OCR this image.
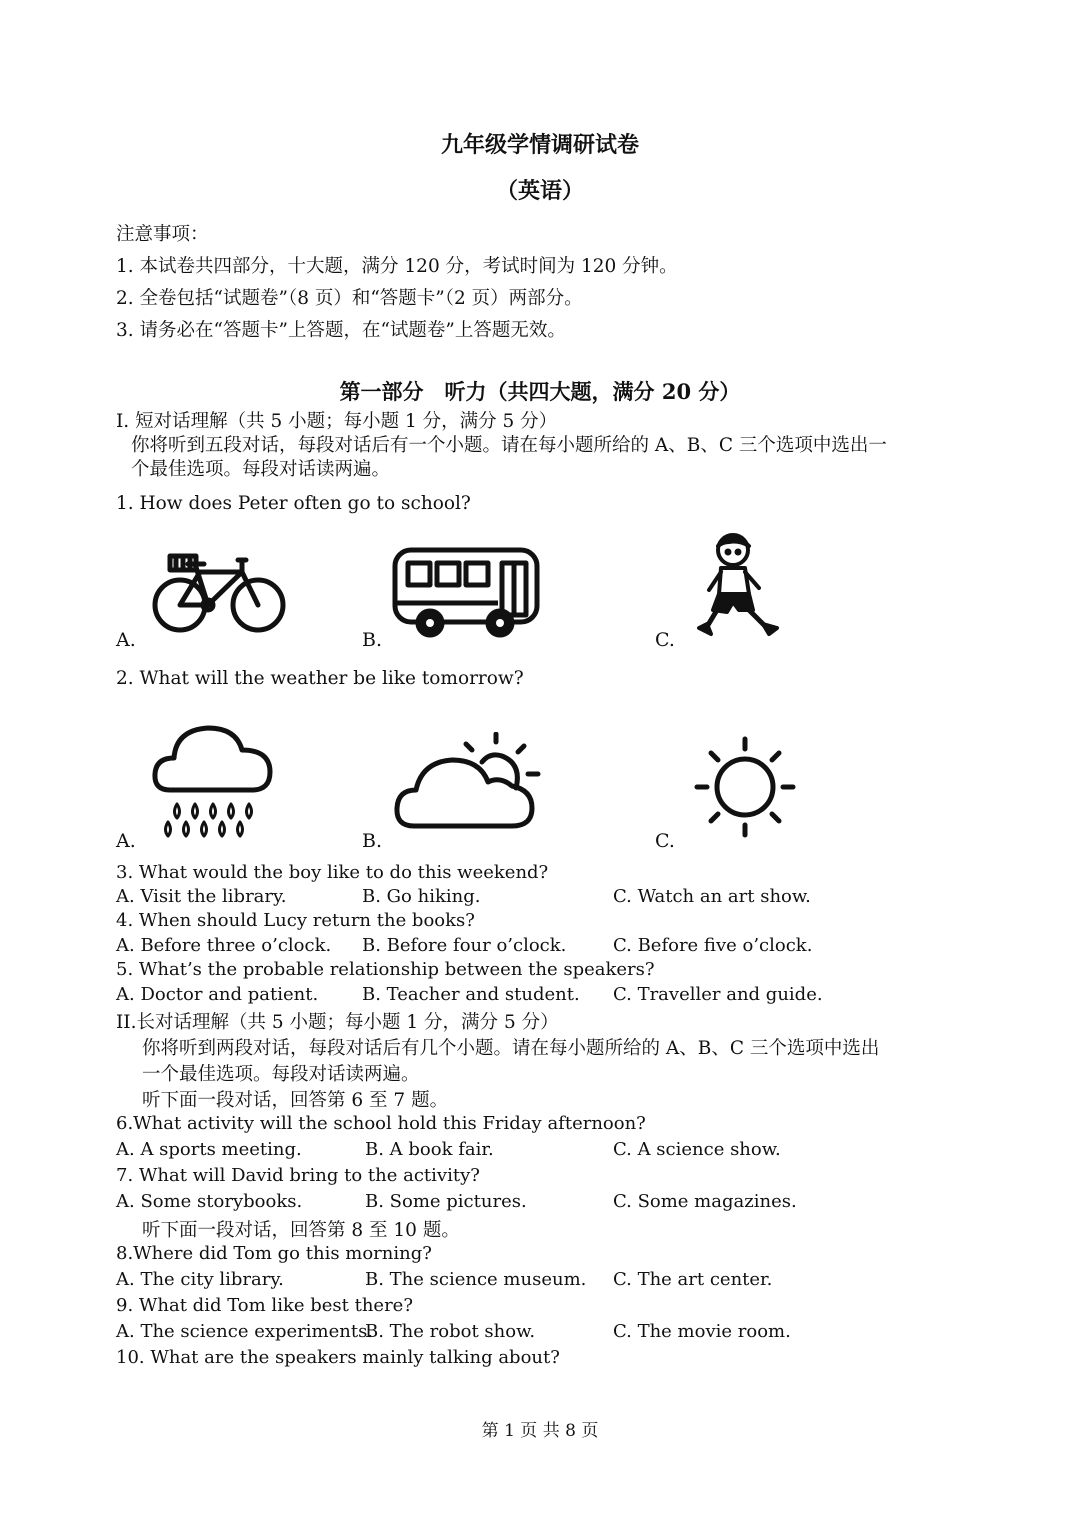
九年级学情调研试卷
（英语）
注意事项：
1. 本试卷共四部分，十大题，满分 120 分，考试时间为 120 分钟。
2. 全卷包括“试题卷”（8 页）和“答题卡”（2 页）两部分。
3. 请务必在“答题卡”上答题，在“试题卷”上答题无效。
第一部分　听力（共四大题，满分 20 分）
I. 短对话理解（共 5 小题；每小题 1 分，满分 5 分）
你将听到五段对话，每段对话后有一个小题。请在每小题所给的 A、B、C 三个选项中选出一
个最佳选项。每段对话读两遍。
1. How does Peter often go to school?
A.	B.	C.
2. What will the weather be like tomorrow?
A.	B.	C.
3. What would the boy like to do this weekend?
A. Visit the library.	B. Go hiking.	C. Watch an art show.
4. When should Lucy return the books?
A. Before three o’clock. B. Before four o’clock.	C. Before five o’clock.
5. What’s the probable relationship between the speakers?
A. Doctor and patient. B. Teacher and student. C. Traveller and guide.
II.长对话理解（共 5 小题；每小题 1 分，满分 5 分）
你将听到两段对话，每段对话后有几个小题。请在每小题所给的 A、B、C 三个选项中选出
一个最佳选项。每段对话读两遍。
听下面一段对话，回答第 6 至 7 题。
6.What activity will the school hold this Friday afternoon?
A. A sports meeting.	B. A book fair.	C. A science show.
7. What will David bring to the activity?
A. Some storybooks.	B. Some pictures.	C. Some magazines.
听下面一段对话，回答第 8 至 10 题。
8.Where did Tom go this morning?
A. The city library.	B. The science museum. C. The art center.
9. What did Tom like best there?
A. The science experiments.
B. The robot show.	C. The movie room.
10. What are the speakers mainly talking about?
第 1 页 共 8 页
